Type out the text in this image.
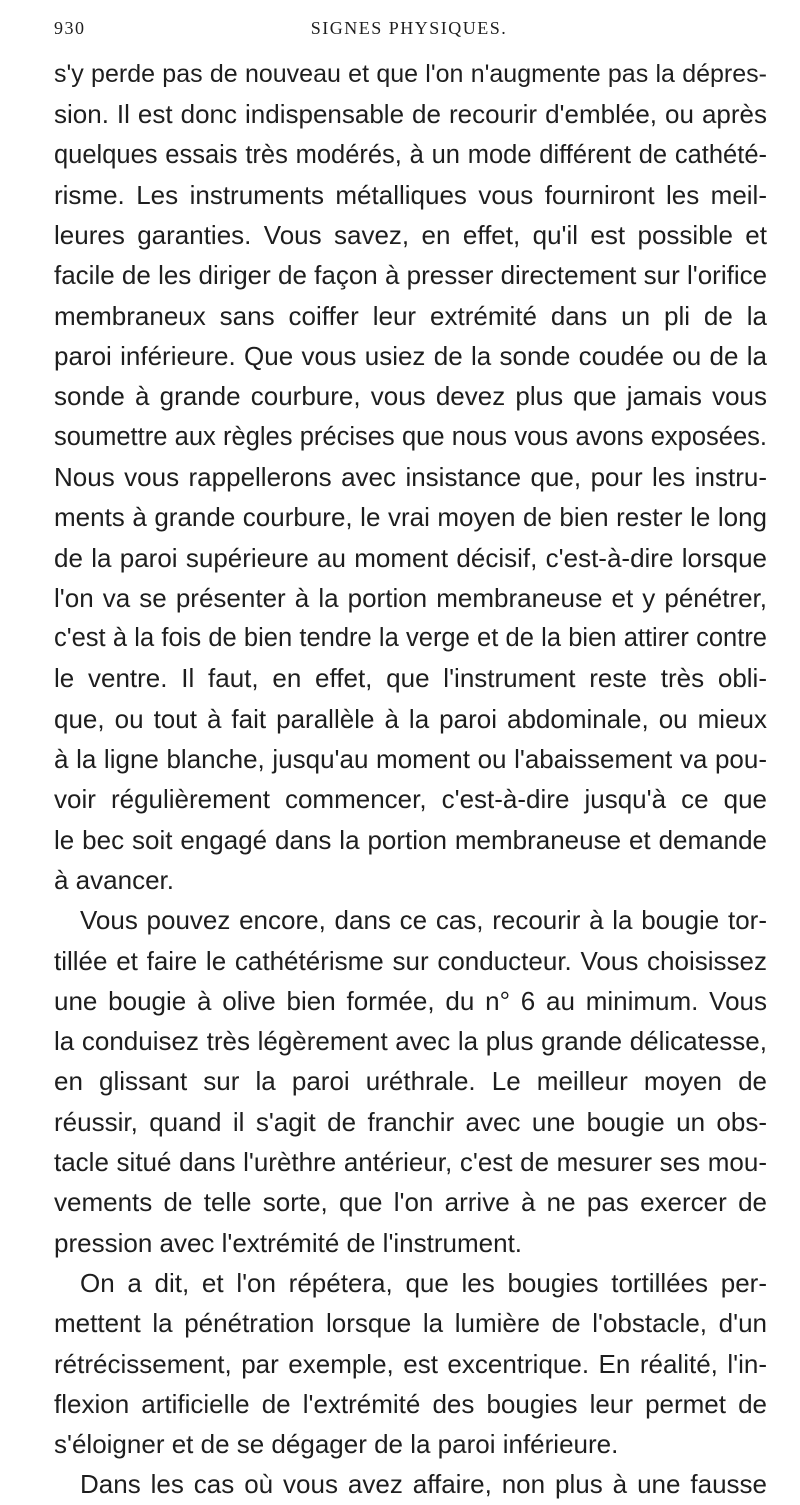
930	SIGNES PHYSIQUES.
s'y perde pas de nouveau et que l'on n'augmente pas la dépres-
sion. Il est donc indispensable de recourir d'emblée, ou après
quelques essais très modérés, à un mode différent de cathété-
risme. Les instruments métalliques vous fourniront les meil-
leures garanties. Vous savez, en effet, qu'il est possible et
facile de les diriger de façon à presser directement sur l'orifice
membraneux sans coiffer leur extrémité dans un pli de la
paroi inférieure. Que vous usiez de la sonde coudée ou de la
sonde à grande courbure, vous devez plus que jamais vous
soumettre aux règles précises que nous vous avons exposées.
Nous vous rappellerons avec insistance que, pour les instru-
ments à grande courbure, le vrai moyen de bien rester le long
de la paroi supérieure au moment décisif, c'est-à-dire lorsque
l'on va se présenter à la portion membraneuse et y pénétrer,
c'est à la fois de bien tendre la verge et de la bien attirer contre
le ventre. Il faut, en effet, que l'instrument reste très obli-
que, ou tout à fait parallèle à la paroi abdominale, ou mieux
à la ligne blanche, jusqu'au moment ou l'abaissement va pou-
voir régulièrement commencer, c'est-à-dire jusqu'à ce que
le bec soit engagé dans la portion membraneuse et demande
à avancer.
Vous pouvez encore, dans ce cas, recourir à la bougie tor-
tillée et faire le cathétérisme sur conducteur. Vous choisissez
une bougie à olive bien formée, du n° 6 au minimum. Vous
la conduisez très légèrement avec la plus grande délicatesse,
en glissant sur la paroi uréthrale. Le meilleur moyen de
réussir, quand il s'agit de franchir avec une bougie un obs-
tacle situé dans l'urèthre antérieur, c'est de mesurer ses mou-
vements de telle sorte, que l'on arrive à ne pas exercer de
pression avec l'extrémité de l'instrument.
On a dit, et l'on répétera, que les bougies tortillées per-
mettent la pénétration lorsque la lumière de l'obstacle, d'un
rétrécissement, par exemple, est excentrique. En réalité, l'in-
flexion artificielle de l'extrémité des bougies leur permet de
s'éloigner et de se dégager de la paroi inférieure.
Dans les cas où vous avez affaire, non plus à une fausse
